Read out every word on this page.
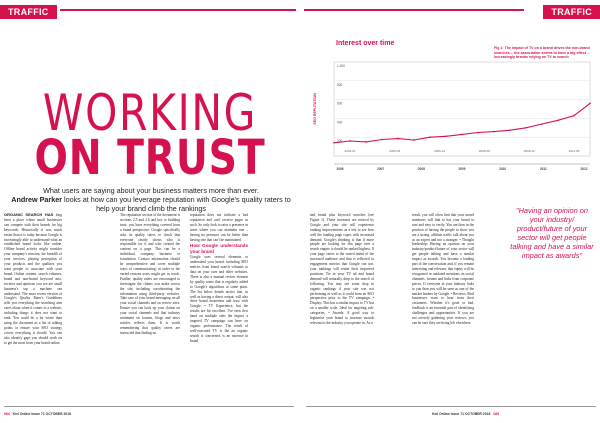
TRAFFIC	TRAFFIC
WORKING
ON TRUST
What users are saying about your business matters more than ever.
Andrew Parker looks at how can you leverage reputation with Google's quality raters to help your brand climb the rankings
1,000
800
600
400
200
SEO REPUTATION
2004-01	2005-06	2006-12	2008-06	2009-12	2011-06
2006	2007	2008	2009	2010	2011	2012
Interest over time
Fig 1: The impact of TV on a brand drives the non-brand searches… the association seems to have a big effect – increasingly brands relying on TV to search

ORGANIC SEARCH HAS long been a place where small businesses can compete with their brands for big keywords. Historically it was much easier than it is today because Google is increasingly able to understand what an established brand looks like online. Offline brand activity might consider your company's mission, the breadth of your services, playing perception of your products and the qualities you want people to associate with your brand. Online content, search volumes, brand and non-brand keyword mix, reviews and opinions you see are small business's top a machine can understand. The most recent version of Google's Quality Rater's Guidelines tells you everything the searching arm cares about when it comes to a website, including things it does not want to rank. You could do a lot worse than using the document as a list of talking points to ensure your SEO strategy covers everything it should. You can also identify gaps you should work on to get the most from your brand online.

The reputation section of the document is sections 2.5 and 2.6 and key to building trust: you have everything covered from a brand perspective. Google specifically asks its quality raters to check that everyone clearly shows who is responsible for it and who created the content on a page. This can be a individual, company, business or foundation. Contact information should be comprehensive and cover multiple ways of communicating: in order to the varied reasons users might get in touch. Further, quality raters are encouraged to investigate the claims you make across the site, including corroborating the information using third-party websites. Take care of your brand messaging on all your social channels and on review sites. Ensure you can back up your claims on your social channels and that industry sentiment on forums, blogs and news articles reflects them. It is worth remembering that quality raters are instructed that finding no

reputation does not indicate a bad reputation and can't receive pages as such. So only look to raise a presence in areas where you can maintain one – having no presence can be better than having one that can't be maintained.

How Google understands your brand

Google uses several elements to understand your brand, including SEO metrics from brand search volumes to data on your own and other websites. There is also a manual review element by quality raters that is regularly added to Google's algorithms at some point. The list below details tactics that, as well as having a direct output, will also drive brand awareness and trust with Google. • TV Experience, but the results are bit excellent. I've seen first hand on multiple sites the impact a targeted TV campaign can have on organic performance. The result of well-executed TV is the an organic search is concerned, is an increase in brand

and brand plus keyword searches (see Figure 1). These increases are noticed by Google and your site will experience ranking improvements as a test to see how well the landing page copes with increased demand. Google's thinking is that if more people are looking for this page over a search engine it should be ranked highest. If your page caters to the varied intent of the increased audience and that is reflected in engagement metrics that Google can use, your rankings will retain their improved positions. Tie in your TV ad and brand demand will naturally drop to the search of following. You may see some drop in organic rankings if your site was not performing as well as it could from an SEO perspective prior to the TV campaign. • Display: This has a similar impact to TV but on a smaller scale. Ideal for targeting sub-categories. • Awards: A good way to legitimise your brand to increase awards relevant to the industry you operate in. As a

result, you will often find that your award nominees will link to has your brand in rare and easy to verify. You are then in the position of having the people to show you are a strong, affiliate traffic talk about you as an expert and not a stranger. • Thought leadership: Having an opinion on your industry/product/future of your sector will get people talking and have a similar impact as awards. You become a leading part of the conversation and, if you remain interesting and relevant, that equity will be recognised in outdated mentions on social channels, forums and links from corporate pieces. If everyone in your industry links to you then you will be seen as one of the market leaders by Google. • Reviews: Real businesses want to hear from their customers. Whether it's good or bad, feedback is an essential part of identifying challenges and opportunities. If you are not actively gathering your reviews, you can be sure they are being left elsewhere.

"Having an opinion on your industry/ product/future of your sector will get people talking and have a similar impact as awards"
064 Kiel Online Issue 71 OCTOBER 2018	Kiel Online Issue 71 OCTOBER 2018 065
